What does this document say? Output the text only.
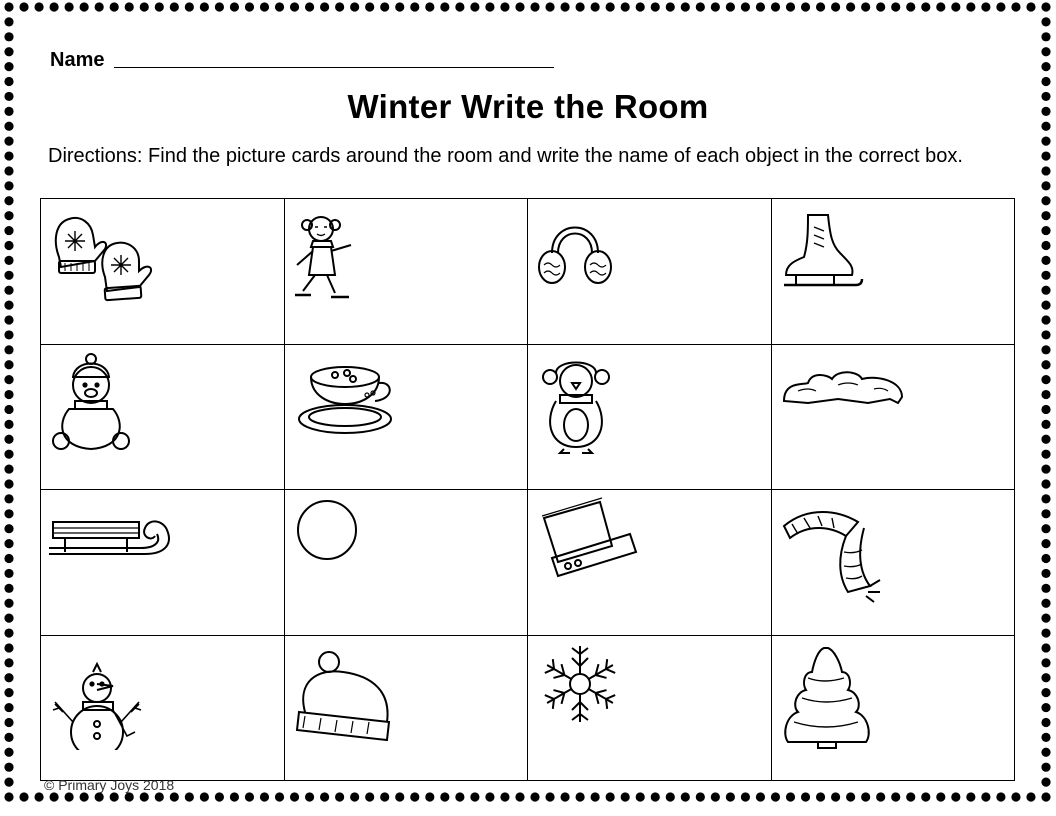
Name
Winter Write the Room
Directions: Find the picture cards around the room and write the name of each object in the correct box.
© Primary Joys 2018
